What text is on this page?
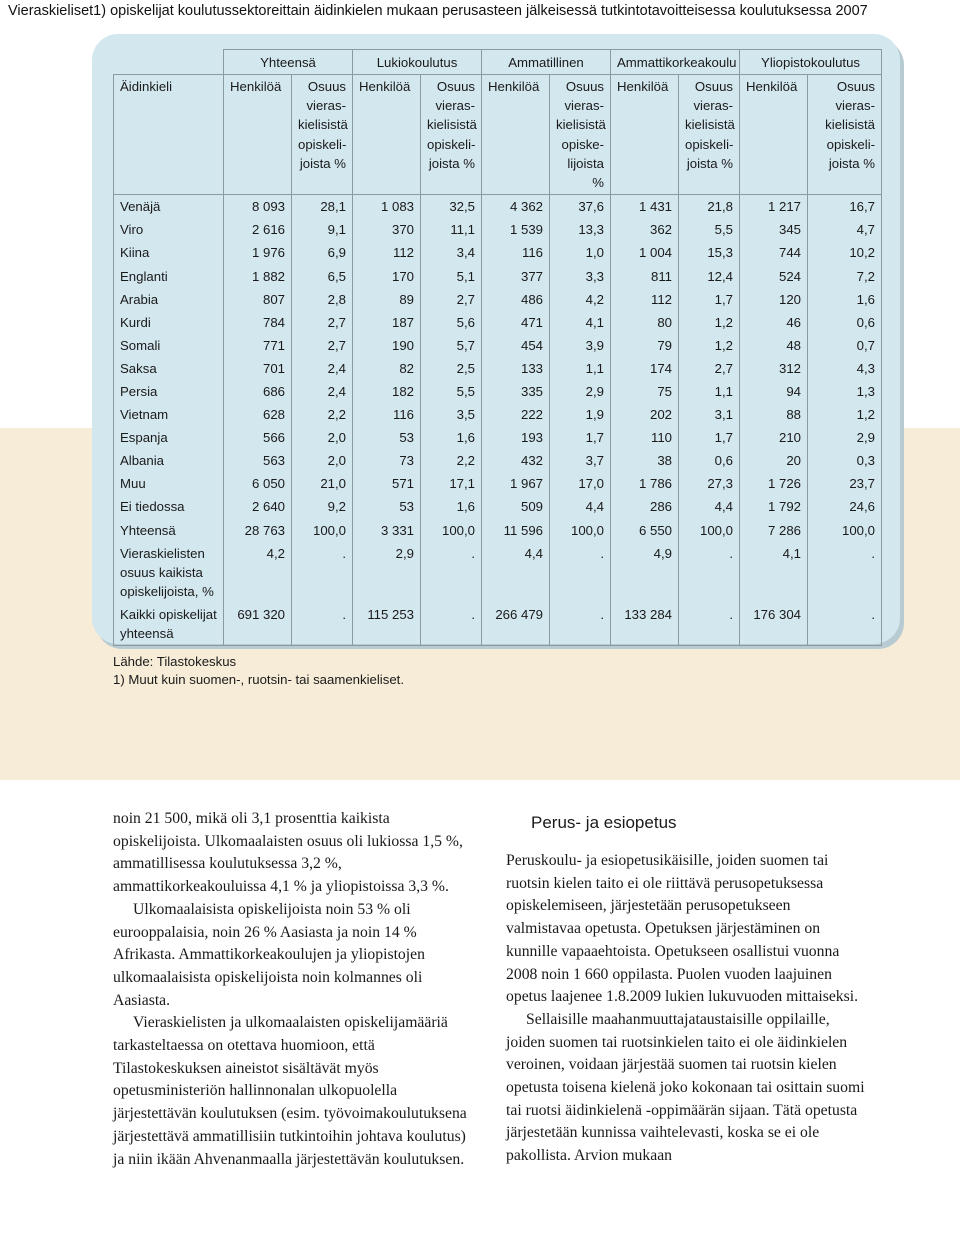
Vieraskieliset1) opiskelijat koulutussektoreittain äidinkielen mukaan perusasteen jälkeisessä tutkintotavoitteisessa koulutuksessa 2007
	Yhteensä		Lukiokoulutus		Ammatillinen		Ammattikorkeakoulu		Yliopistokoulutus	
Äidinkieli	Henkilöä	Osuus vieras- kielisistä opiskeli- joista %	Henkilöä	Osuus vieras- kielisistä opiskeli- joista %	Henkilöä	Osuus vieras- kielisistä opiske- lijoista %	Henkilöä	Osuus vieras- kielisistä opiskeli- joista %	Henkilöä	Osuus vieras- kielisistä opiskeli- joista %
Venäjä	8 093	28,1	1 083	32,5	4 362	37,6	1 431	21,8	1 217	16,7
Viro	2 616	9,1	370	11,1	1 539	13,3	362	5,5	345	4,7
Kiina	1 976	6,9	112	3,4	116	1,0	1 004	15,3	744	10,2
Englanti	1 882	6,5	170	5,1	377	3,3	811	12,4	524	7,2
Arabia	807	2,8	89	2,7	486	4,2	112	1,7	120	1,6
Kurdi	784	2,7	187	5,6	471	4,1	80	1,2	46	0,6
Somali	771	2,7	190	5,7	454	3,9	79	1,2	48	0,7
Saksa	701	2,4	82	2,5	133	1,1	174	2,7	312	4,3
Persia	686	2,4	182	5,5	335	2,9	75	1,1	94	1,3
Vietnam	628	2,2	116	3,5	222	1,9	202	3,1	88	1,2
Espanja	566	2,0	53	1,6	193	1,7	110	1,7	210	2,9
Albania	563	2,0	73	2,2	432	3,7	38	0,6	20	0,3
Muu	6 050	21,0	571	17,1	1 967	17,0	1 786	27,3	1 726	23,7
Ei tiedossa	2 640	9,2	53	1,6	509	4,4	286	4,4	1 792	24,6
Yhteensä	28 763	100,0	3 331	100,0	11 596	100,0	6 550	100,0	7 286	100,0
Vieraskielisten osuus kaikista opiskelijoista, %	4,2	.	2,9	.	4,4	.	4,9	.	4,1	.
Kaikki opiskelijat yhteensä	691 320	.	115 253	.	266 479	.	133 284	.	176 304	.
Lähde: Tilastokeskus
1) Muut kuin suomen-, ruotsin- tai saamenkieliset.

noin 21 500, mikä oli 3,1 prosenttia kaikista opiskelijoista. Ulkomaalaisten osuus oli lukiossa 1,5 %, ammatillisessa koulutuksessa 3,2 %, ammattikorkeakouluissa 4,1 % ja yliopistoissa 3,3 %.

Ulkomaalaisista opiskelijoista noin 53 % oli eurooppalaisia, noin 26 % Aasiasta ja noin 14 % Afrikasta. Ammattikorkeakoulujen ja yliopistojen ulkomaalaisista opiskelijoista noin kolmannes oli Aasiasta.

Vieraskielisten ja ulkomaalaisten opiskelijamääriä tarkasteltaessa on otettava huomioon, että Tilastokeskuksen aineistot sisältävät myös opetusministeriön hallinnonalan ulkopuolella järjestettävän koulutuksen (esim. työvoimakoulutuksena järjestettävä ammatillisiin tutkintoihin johtava koulutus) ja niin ikään Ahvenanmaalla järjestettävän koulutuksen.

Perus- ja esiopetus

Peruskoulu- ja esiopetusikäisille, joiden suomen tai ruotsin kielen taito ei ole riittävä perusopetuksessa opiskelemiseen, järjestetään perusopetukseen valmistavaa opetusta. Opetuksen järjestäminen on kunnille vapaaehtoista. Opetukseen osallistui vuonna 2008 noin 1 660 oppilasta. Puolen vuoden laajuinen opetus laajenee 1.8.2009 lukien lukuvuoden mittaiseksi.

Sellaisille maahanmuuttajataustaisille oppilaille, joiden suomen tai ruotsinkielen taito ei ole äidinkielen veroinen, voidaan järjestää suomen tai ruotsin kielen opetusta toisena kielenä joko kokonaan tai osittain suomi tai ruotsi äidinkielenä -oppimäärän sijaan. Tätä opetusta järjestetään kunnissa vaihtelevasti, koska se ei ole pakollista. Arvion mukaan
